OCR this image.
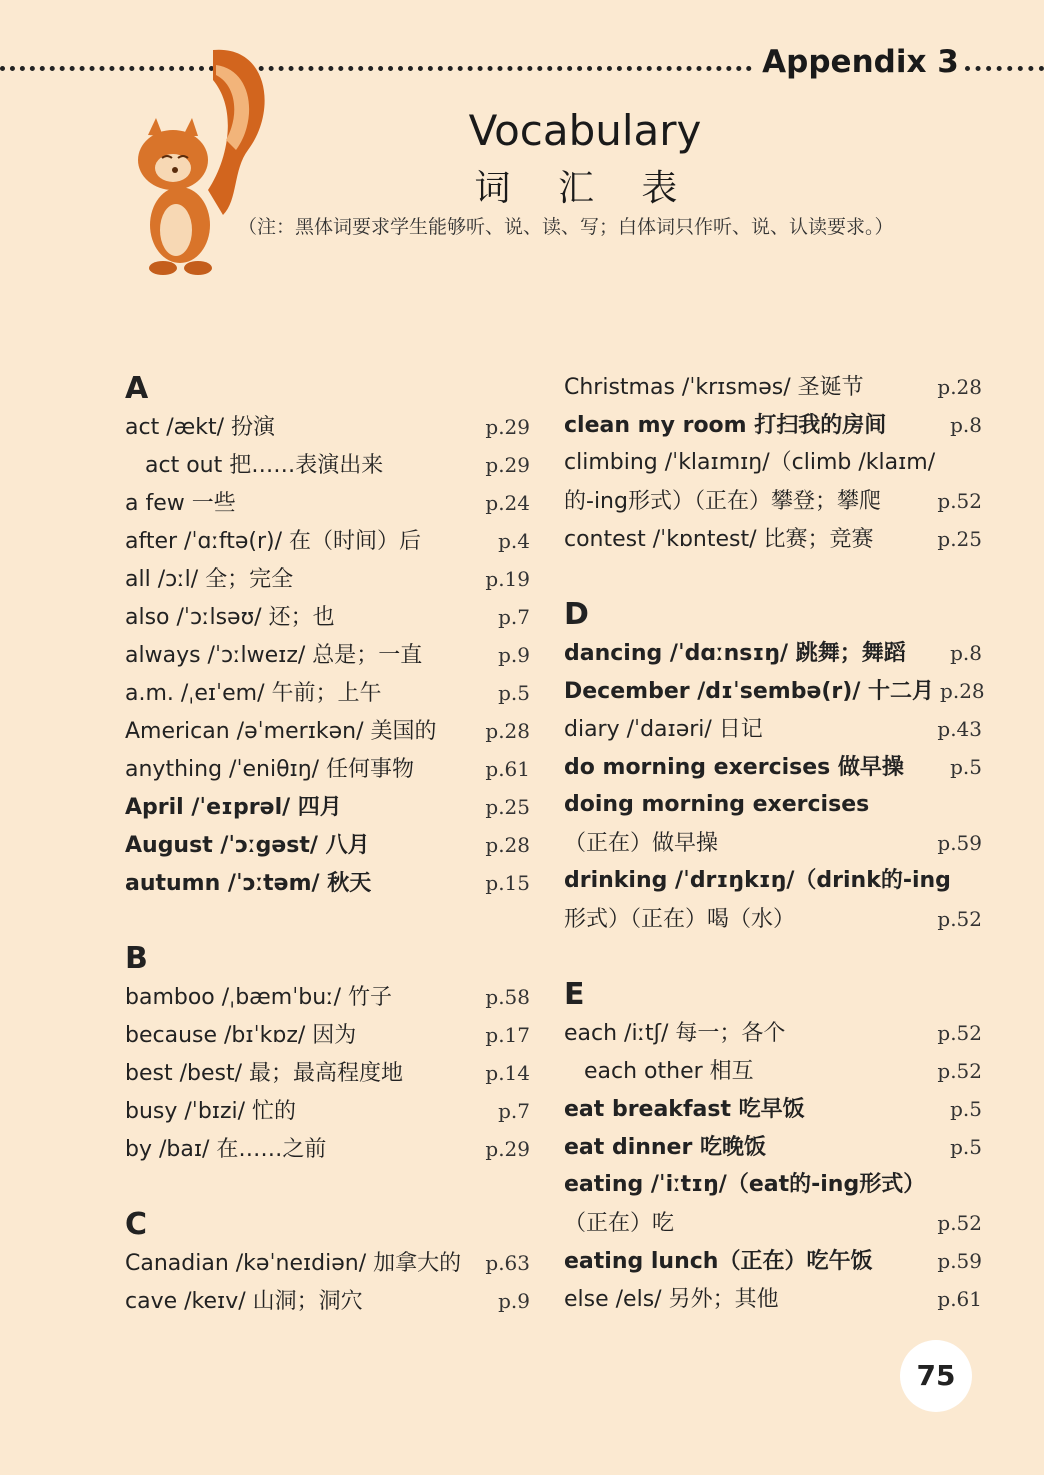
Appendix 3
Vocabulary
词 汇 表
（注：黑体词要求学生能够听、说、读、写；白体词只作听、说、认读要求。）
A
act /ækt/ 扮演	p.29
act out 把……表演出来	p.29
a few 一些	p.24
after /ˈɑːftə(r)/ 在（时间）后	p.4
all /ɔːl/ 全；完全	p.19
also /ˈɔːlsəʊ/ 还；也	p.7
always /ˈɔːlweɪz/ 总是；一直	p.9
a.m. /ˌeɪˈem/ 午前；上午	p.5
American /əˈmerɪkən/ 美国的 p.28
anything /ˈeniθɪŋ/ 任何事物	p.61
April /ˈeɪprəl/ 四月	p.25
August /ˈɔːgəst/ 八月	p.28
autumn /ˈɔːtəm/ 秋天	p.15
B
bamboo /ˌbæmˈbuː/ 竹子	p.58
because /bɪˈkɒz/ 因为	p.17
best /best/ 最；最高程度地	p.14
busy /ˈbɪzi/ 忙的	p.7
by /baɪ/ 在……之前	p.29
C
Canadian /kəˈneɪdiən/ 加拿大的 p.63
cave /keɪv/ 山洞；洞穴	p.9
Christmas /ˈkrɪsməs/ 圣诞节	p.28
clean my room 打扫我的房间	p.8
climbing /ˈklaɪmɪŋ/（climb /klaɪm/
的-ing形式）（正在）攀登；攀爬	p.52
contest /ˈkɒntest/ 比赛；竞赛	p.25
D
dancing /ˈdɑːnsɪŋ/ 跳舞；舞蹈 p.8
December /dɪˈsembə(r)/ 十二月 p.28
diary /ˈdaɪəri/ 日记	p.43
do morning exercises 做早操 p.5
doing morning exercises
（正在）做早操	p.59
drinking /ˈdrɪŋkɪŋ/（drink的-ing
形式）（正在）喝（水）	p.52
E
each /iːtʃ/ 每一；各个	p.52
each other 相互	p.52
eat breakfast 吃早饭	p.5
eat dinner 吃晚饭	p.5
eating /ˈiːtɪŋ/（eat的-ing形式）
（正在）吃	p.52
eating lunch（正在）吃午饭	p.59
else /els/ 另外；其他	p.61
75
